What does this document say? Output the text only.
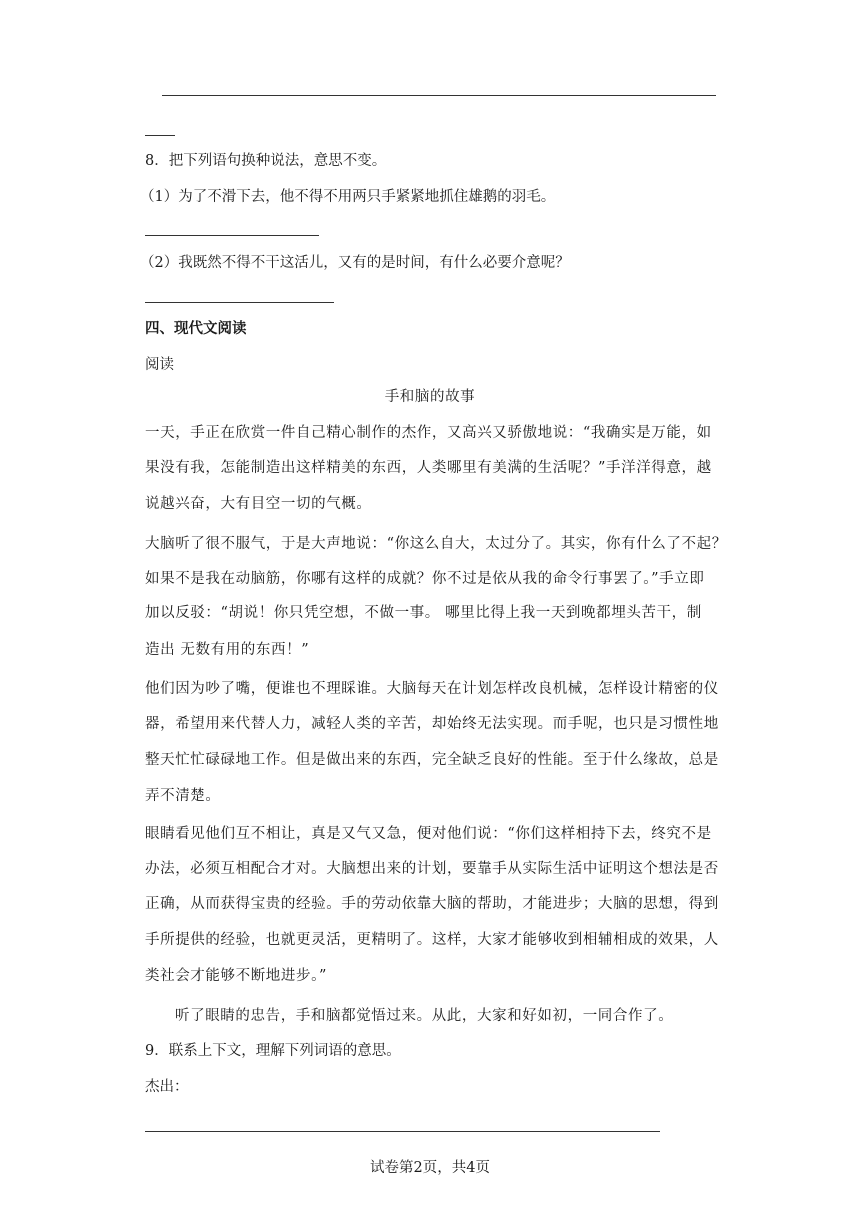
8．把下列语句换种说法，意思不变。
（1）为了不滑下去，他不得不用两只手紧紧地抓住雄鹅的羽毛。
（2）我既然不得不干这活儿，又有的是时间，有什么必要介意呢？
四、现代文阅读
阅读
手和脑的故事
一天，手正在欣赏一件自己精心制作的杰作，又高兴又骄傲地说：“我确实是万能，如
果没有我，怎能制造出这样精美的东西，人类哪里有美满的生活呢？”手洋洋得意，越
说越兴奋，大有目空一切的气概。
大脑听了很不服气，于是大声地说：“你这么自大，太过分了。其实，你有什么了不起？
如果不是我在动脑筋，你哪有这样的成就？你不过是依从我的命令行事罢了。”手立即
加以反驳：“胡说！你只凭空想，不做一事。 哪里比得上我一天到晚都埋头苦干，制
造出 无数有用的东西！”
他们因为吵了嘴，便谁也不理睬谁。大脑每天在计划怎样改良机械，怎样设计精密的仪
器，希望用来代替人力，减轻人类的辛苦，却始终无法实现。而手呢，也只是习惯性地
整天忙忙碌碌地工作。但是做出来的东西，完全缺乏良好的性能。至于什么缘故，总是
弄不清楚。
眼睛看见他们互不相让，真是又气又急，便对他们说：“你们这样相持下去，终究不是
办法，必须互相配合才对。大脑想出来的计划，要靠手从实际生活中证明这个想法是否
正确，从而获得宝贵的经验。手的劳动依靠大脑的帮助，才能进步；大脑的思想，得到
手所提供的经验，也就更灵活，更精明了。这样，大家才能够收到相辅相成的效果，人
类社会才能够不断地进步。”
听了眼睛的忠告，手和脑都觉悟过来。从此，大家和好如初，一同合作了。
9．联系上下文，理解下列词语的意思。
杰出：
试卷第2页，共4页
